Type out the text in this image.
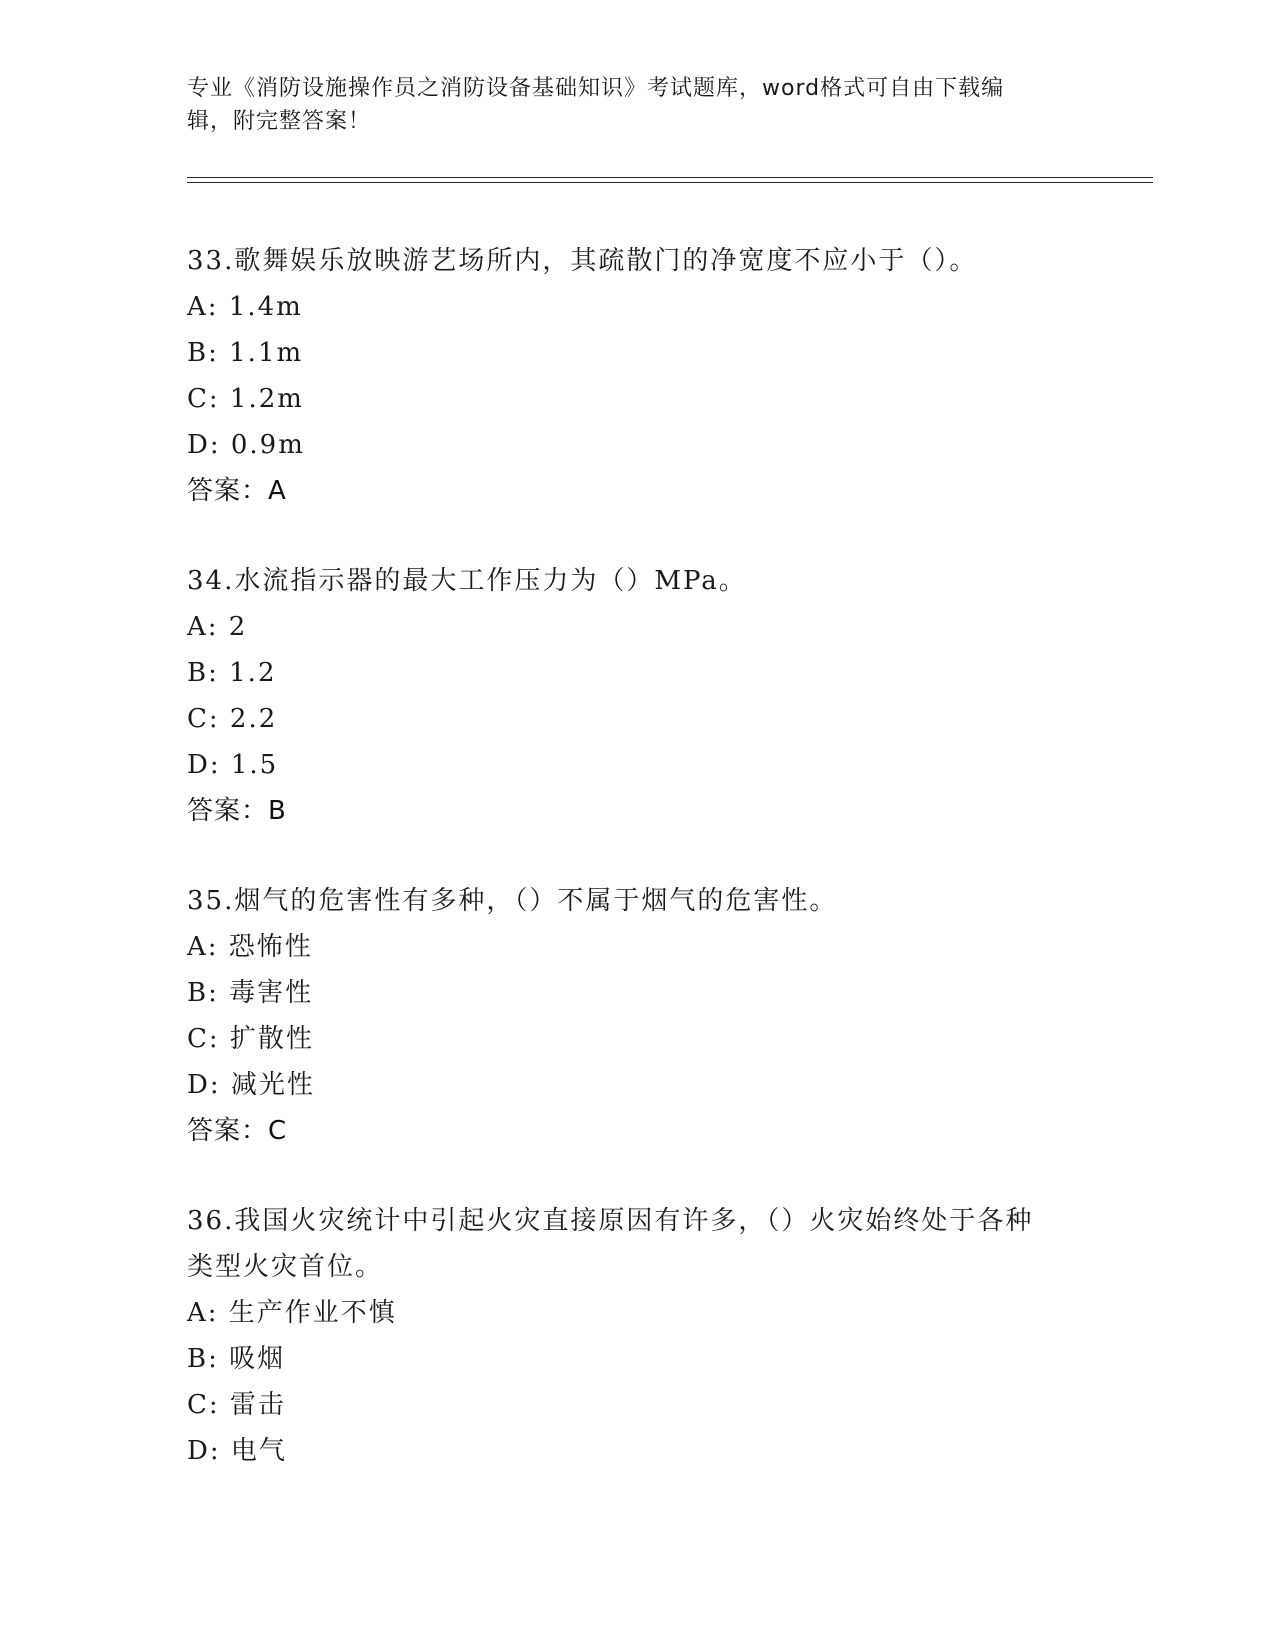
专业《消防设施操作员之消防设备基础知识》考试题库，word格式可自由下载编
辑，附完整答案！

33.歌舞娱乐放映游艺场所内，其疏散门的净宽度不应小于（）。

A: 1.4m

B: 1.1m

C: 1.2m

D: 0.9m

答案：A

34.水流指示器的最大工作压力为（）MPa。

A: 2

B: 1.2

C: 2.2

D: 1.5

答案：B

35.烟气的危害性有多种，（）不属于烟气的危害性。

A: 恐怖性

B: 毒害性

C: 扩散性

D: 减光性

答案：C

36.我国火灾统计中引起火灾直接原因有许多，（）火灾始终处于各种

类型火灾首位。

A: 生产作业不慎

B: 吸烟

C: 雷击

D: 电气
